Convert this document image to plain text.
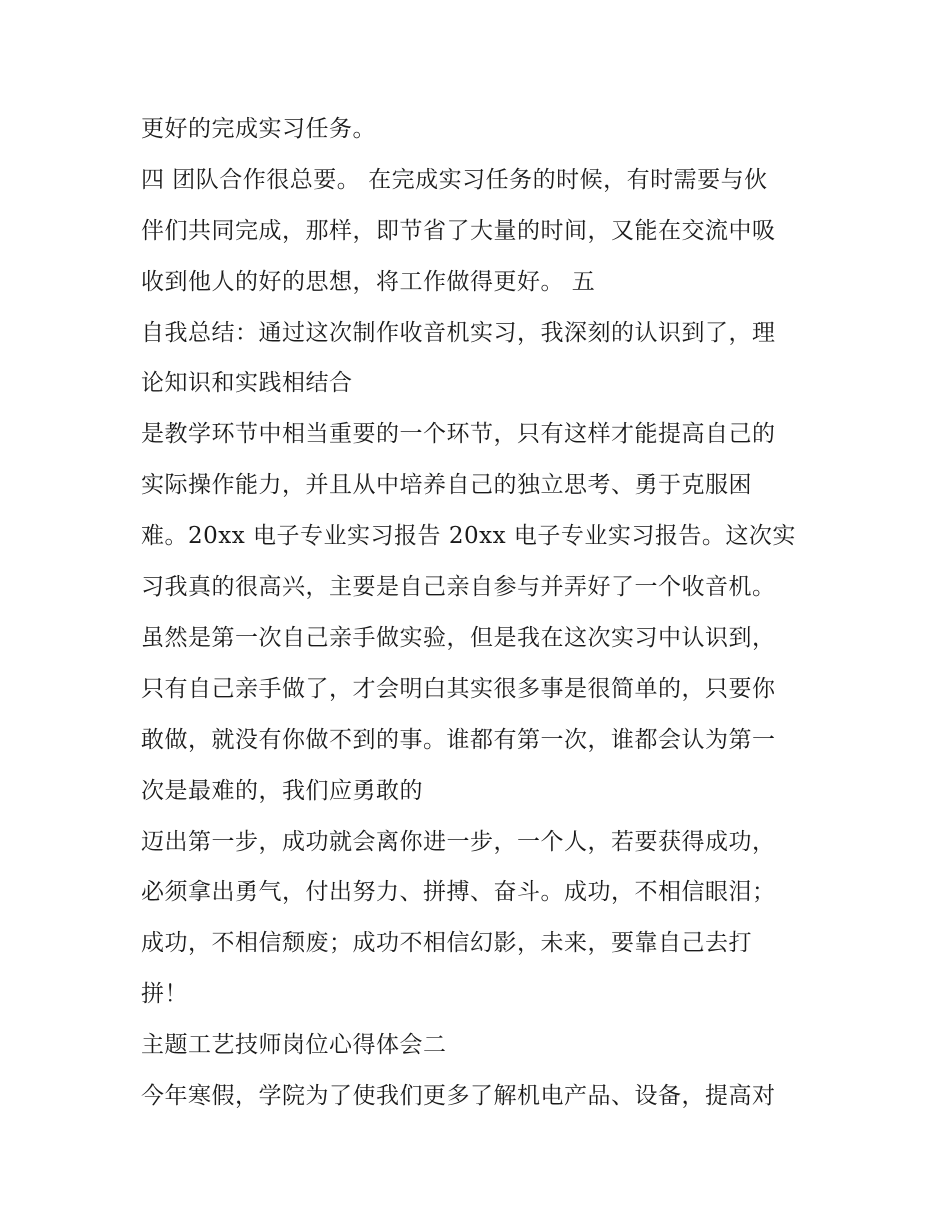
更好的完成实习任务。
四 团队合作很总要。 在完成实习任务的时候，有时需要与伙
伴们共同完成，那样，即节省了大量的时间，又能在交流中吸
收到他人的好的思想，将工作做得更好。 五
自我总结：通过这次制作收音机实习，我深刻的认识到了，理
论知识和实践相结合
是教学环节中相当重要的一个环节，只有这样才能提高自己的
实际操作能力，并且从中培养自己的独立思考、勇于克服困
难。20xx 电子专业实习报告 20xx 电子专业实习报告。这次实
习我真的很高兴，主要是自己亲自参与并弄好了一个收音机。
虽然是第一次自己亲手做实验，但是我在这次实习中认识到，
只有自己亲手做了，才会明白其实很多事是很简单的，只要你
敢做，就没有你做不到的事。谁都有第一次，谁都会认为第一
次是最难的，我们应勇敢的
迈出第一步，成功就会离你进一步，一个人，若要获得成功，
必须拿出勇气，付出努力、拼搏、奋斗。成功，不相信眼泪；
成功，不相信颓废；成功不相信幻影，未来，要靠自己去打
拼！
主题工艺技师岗位心得体会二
今年寒假，学院为了使我们更多了解机电产品、设备，提高对
